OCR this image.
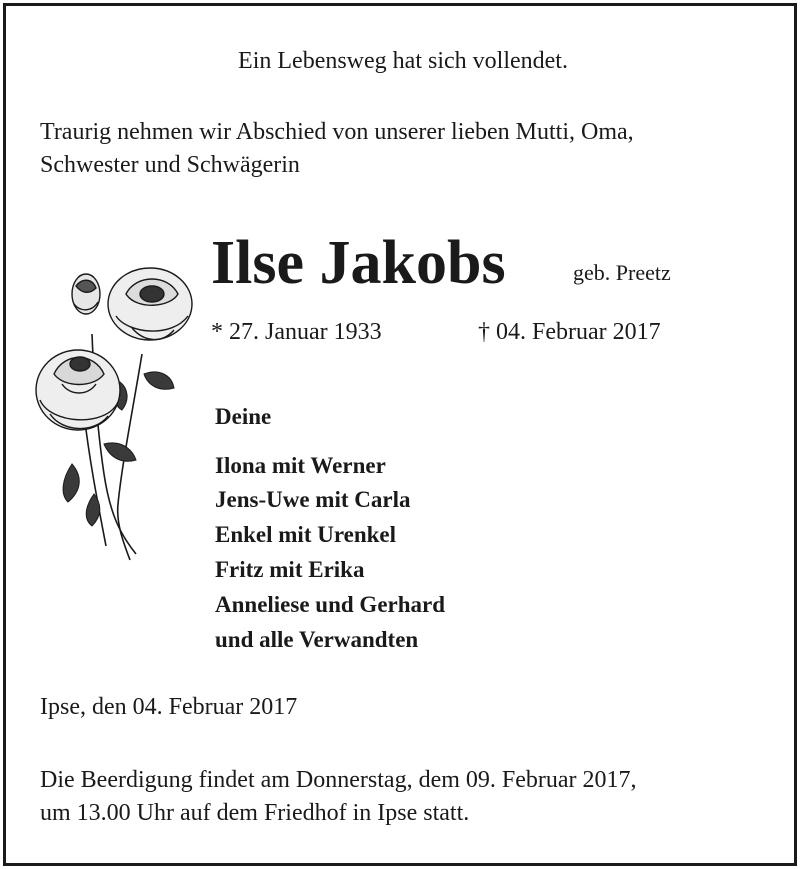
Ein Lebensweg hat sich vollendet.
Traurig nehmen wir Abschied von unserer lieben Mutti, Oma,
Schwester und Schwägerin
Ilse Jakobs	geb. Preetz
* 27. Januar 1933	† 04. Februar 2017
Deine
Ilona mit Werner
Jens-Uwe mit Carla
Enkel mit Urenkel
Fritz mit Erika
Anneliese und Gerhard
und alle Verwandten
Ipse, den 04. Februar 2017
Die Beerdigung findet am Donnerstag, dem 09. Februar 2017,
um 13.00 Uhr auf dem Friedhof in Ipse statt.
